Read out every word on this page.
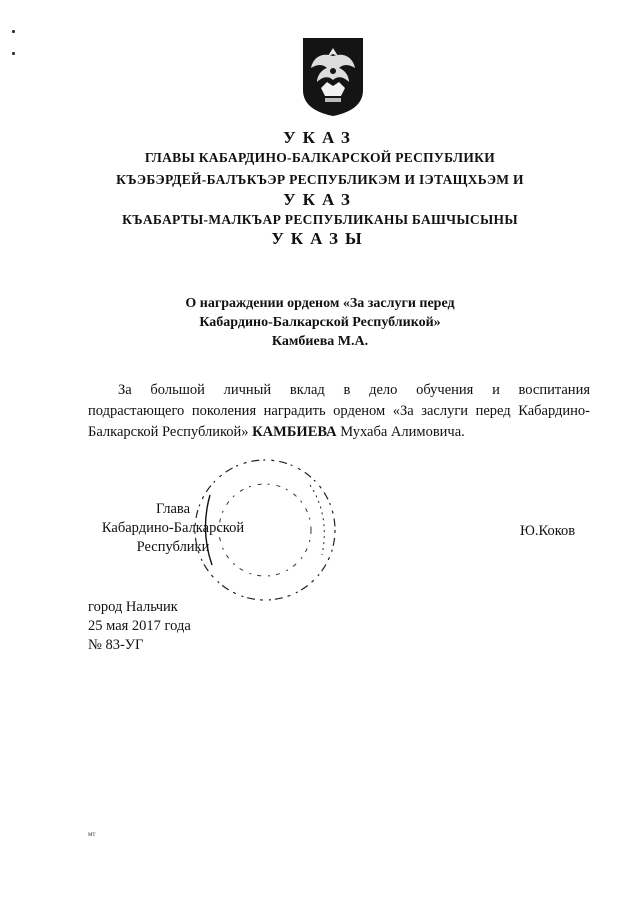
УКАЗ
ГЛАВЫ КАБАРДИНО-БАЛКАРСКОЙ РЕСПУБЛИКИ
КЪЭБЭРДЕЙ-БАЛЪКЪЭР РЕСПУБЛИКЭМ И ІЭТАЩХЬЭМ И
УКАЗ
КЪАБАРТЫ-МАЛКЪАР РЕСПУБЛИКАНЫ БАШЧЫСЫНЫ
УКАЗЫ
О награждении орденом «За заслуги перед
Кабардино-Балкарской Республикой»
Камбиева М.А.

За большой личный вклад в дело обучения и воспитания

подрастающего поколения наградить орденом «За заслуги перед Кабардино-

Балкарской Республикой» КАМБИЕВА Мухаба Алимовича.

Глава
Кабардино-Балкарской
Республики
Ю.Коков
город Нальчик
25 мая 2017 года
№ 83-УГ
мт
